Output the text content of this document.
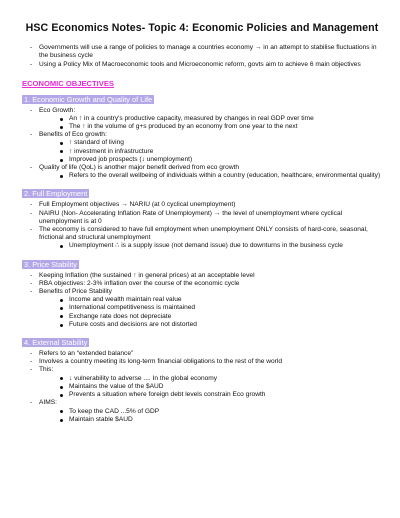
HSC Economics Notes- Topic 4: Economic Policies and Management
- Governments will use a range of policies to manage a countries economy → in an attempt to stabilise fluctuations in the business cycle
- Using a Policy Mix of Macroeconomic tools and Microeconomic reform, govts aim to achieve 6 main objectives
ECONOMIC OBJECTIVES
1. Economic Growth and Quality of Life
- Eco Growth:
An ↑ in a country's productive capacity, measured by changes in real GDP over time
The ↑ in the volume of g+s produced by an economy from one year to the next
- Benefits of Eco growth:
↑ standard of living
↑ investment in infrastructure
Improved job prospects (↓ unemployment)
- Quality of life (QoL) is another major benefit derived from eco growth
Refers to the overall wellbeing of individuals within a country (education, healthcare, environmental quality)
2. Full Employment
- Full Employment objectives → NARIU (at 0 cyclical unemployment)
- NAIRU (Non- Accelerating Inflation Rate of Unemployment) → the level of unemployment where cyclical unemployment is at 0
- The economy is considered to have full employment when unemployment ONLY consists of hard-core, seasonal, frictional and structural unemployment
Unemployment ∴ is a supply issue (not demand issue) due to downturns in the business cycle
3. Price Stability
- Keeping Inflation (the sustained ↑ in general prices) at an acceptable level
- RBA objectives: 2-3% inflation over the course of the economic cycle
- Benefits of Price Stability
Income and wealth maintain real value
International competitiveness is maintained
Exchange rate does not depreciate
Future costs and decisions are not distorted
4. External Stability
- Refers to an “extended balance”
- Involves a country meeting its long-term financial obligations to the rest of the world
- This:
↓ vulnerability to adverse .... In the global economy
Maintains the value of the $AUD
Prevents a situation where foreign debt levels constrain Eco growth
- AIMS:
To keep the CAD ...5% of GDP
Maintain stable $AUD
